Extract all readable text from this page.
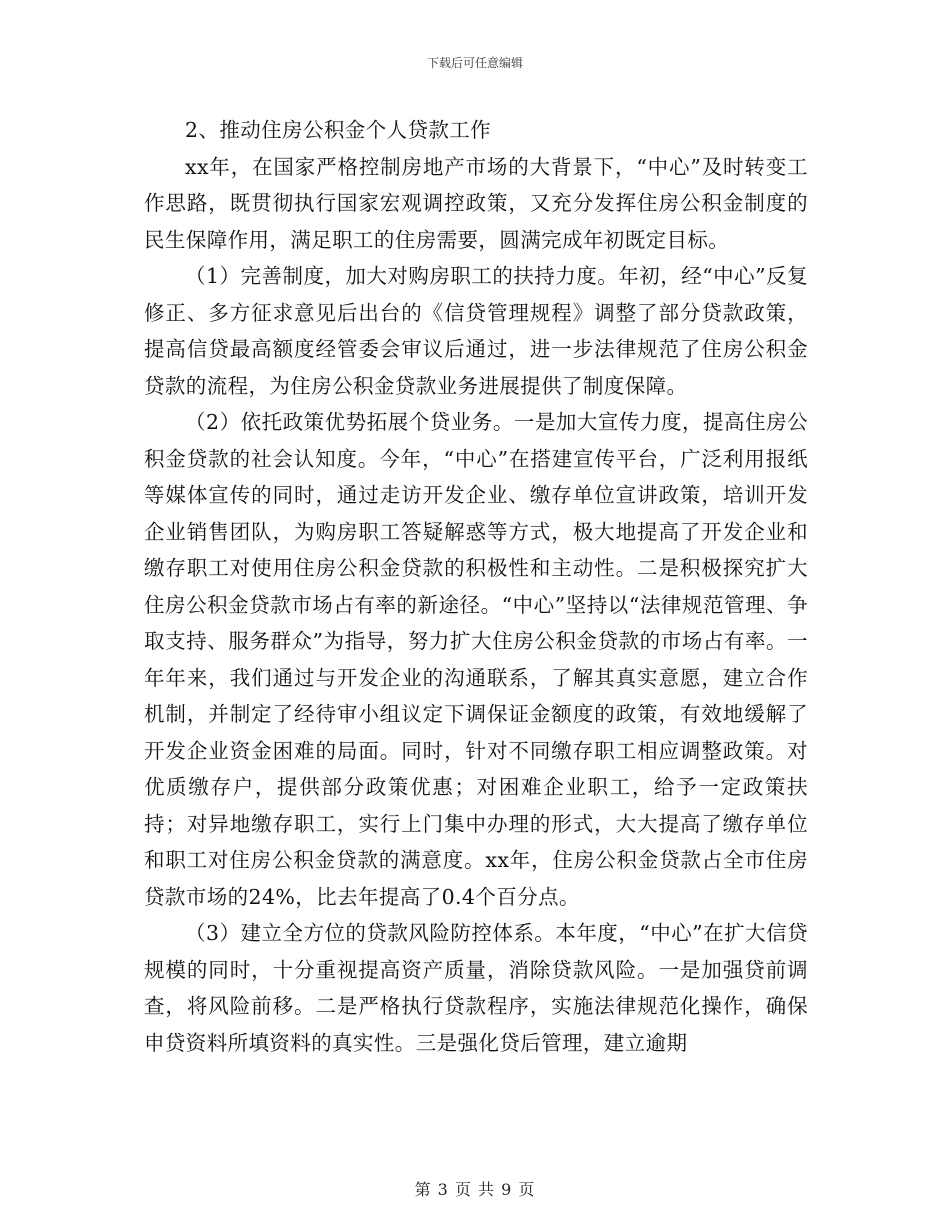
下载后可任意编辑

2、推动住房公积金个人贷款工作

xx年，在国家严格控制房地产市场的大背景下，“中心”及时转变工作思路，既贯彻执行国家宏观调控政策，又充分发挥住房公积金制度的民生保障作用，满足职工的住房需要，圆满完成年初既定目标。

（1）完善制度，加大对购房职工的扶持力度。年初，经“中心”反复修正、多方征求意见后出台的《信贷管理规程》调整了部分贷款政策，提高信贷最高额度经管委会审议后通过，进一步法律规范了住房公积金贷款的流程，为住房公积金贷款业务进展提供了制度保障。

（2）依托政策优势拓展个贷业务。一是加大宣传力度，提高住房公积金贷款的社会认知度。今年，“中心”在搭建宣传平台，广泛利用报纸等媒体宣传的同时，通过走访开发企业、缴存单位宣讲政策，培训开发企业销售团队，为购房职工答疑解惑等方式，极大地提高了开发企业和缴存职工对使用住房公积金贷款的积极性和主动性。二是积极探究扩大住房公积金贷款市场占有率的新途径。“中心”坚持以“法律规范管理、争取支持、服务群众”为指导，努力扩大住房公积金贷款的市场占有率。一年年来，我们通过与开发企业的沟通联系，了解其真实意愿，建立合作机制，并制定了经待审小组议定下调保证金额度的政策，有效地缓解了开发企业资金困难的局面。同时，针对不同缴存职工相应调整政策。对优质缴存户，提供部分政策优惠；对困难企业职工，给予一定政策扶持；对异地缴存职工，实行上门集中办理的形式，大大提高了缴存单位和职工对住房公积金贷款的满意度。xx年，住房公积金贷款占全市住房贷款市场的24%，比去年提高了0.4个百分点。

（3）建立全方位的贷款风险防控体系。本年度，“中心”在扩大信贷规模的同时，十分重视提高资产质量，消除贷款风险。一是加强贷前调查，将风险前移。二是严格执行贷款程序，实施法律规范化操作，确保申贷资料所填资料的真实性。三是强化贷后管理，建立逾期

第 3 页 共 9 页
